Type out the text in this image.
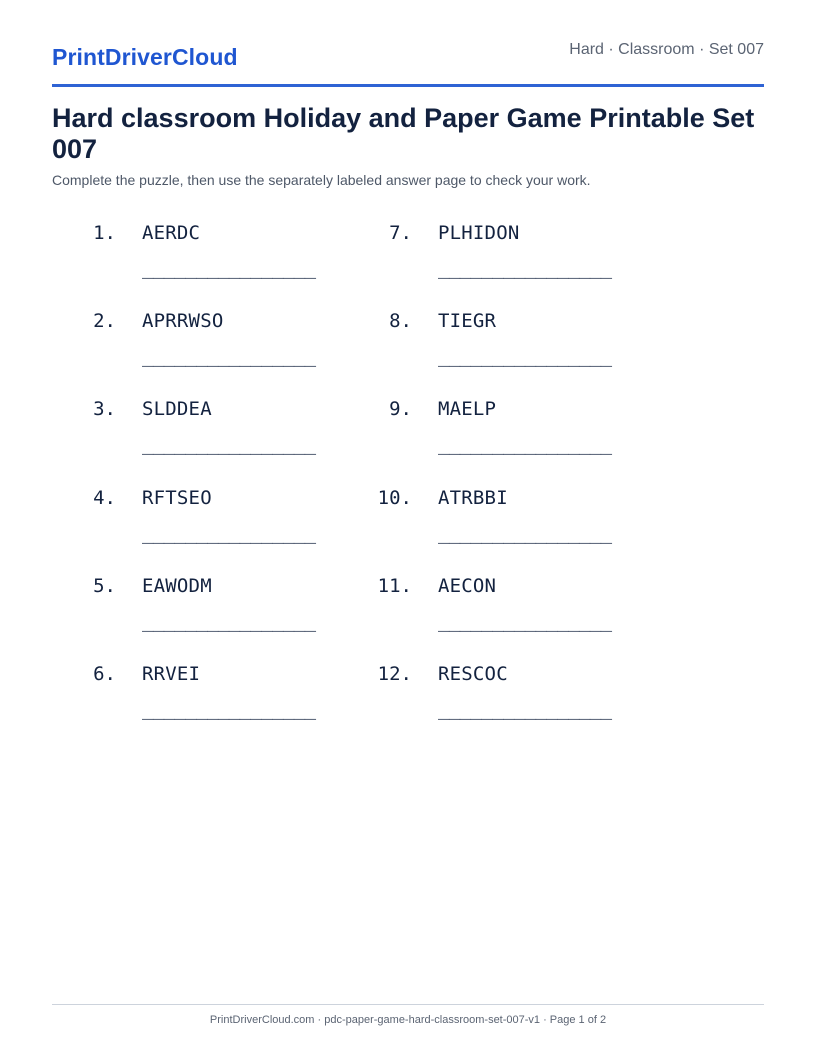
PrintDriverCloud	Hard · Classroom · Set 007
Hard classroom Holiday and Paper Game Printable Set 007
Complete the puzzle, then use the separately labeled answer page to check your work.
1. AERDC
________________
2. APRRWSO
________________
3. SLDDEA
________________
4. RFTSEO
________________
5. EAWODM
________________
6. RRVEI
________________
7. PLHIDON
________________
8. TIEGR
________________
9. MAELP
________________
10. ATRBBI
________________
11. AECON
________________
12. RESCOC
________________
PrintDriverCloud.com · pdc-paper-game-hard-classroom-set-007-v1 · Page 1 of 2
